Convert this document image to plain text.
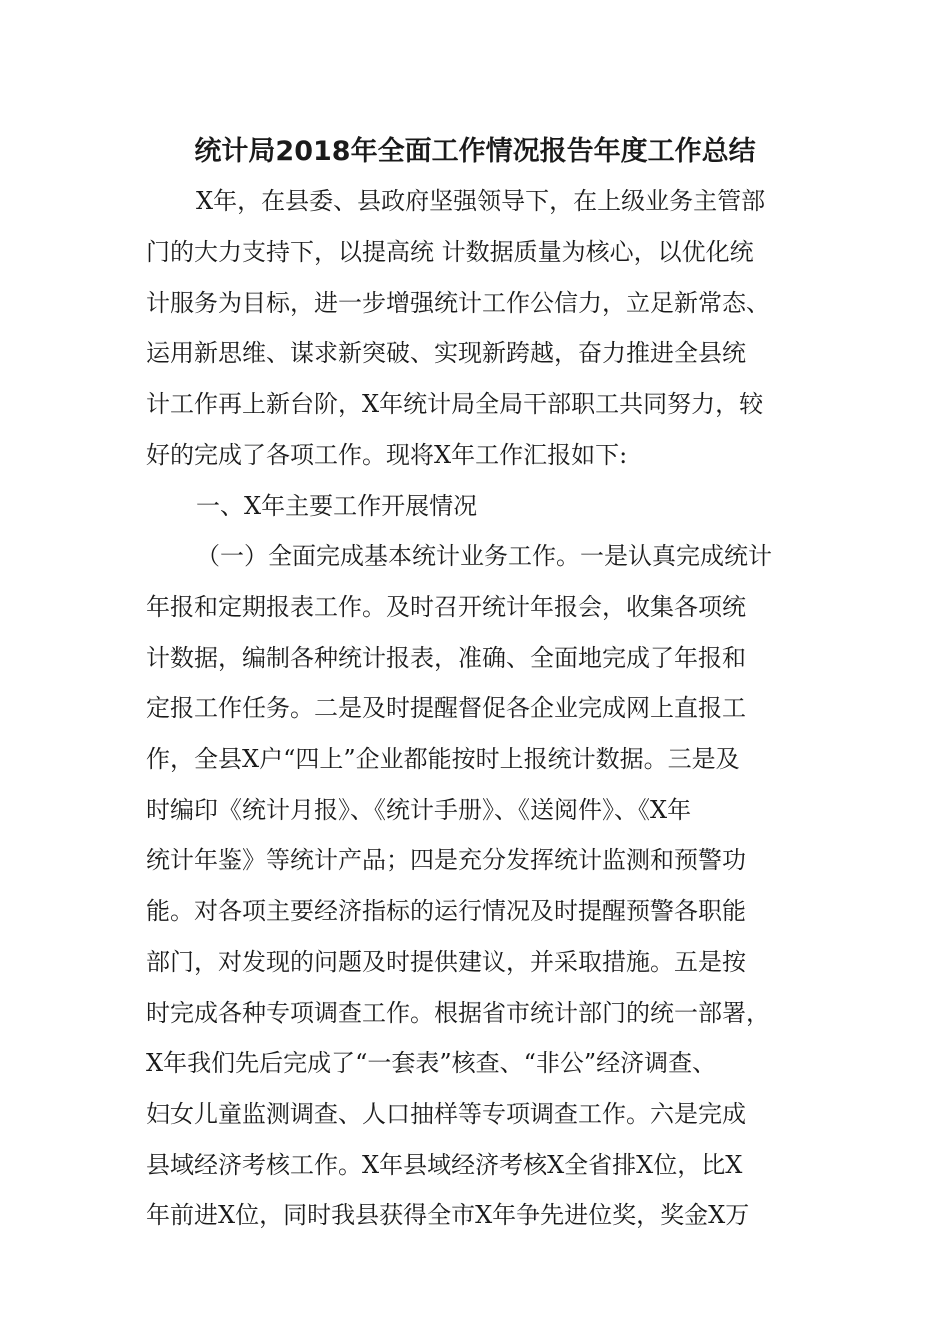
统计局2018年全面工作情况报告年度工作总结
X年，在县委、县政府坚强领导下，在上级业务主管部
门的大力支持下，以提高统 计数据质量为核心，以优化统
计服务为目标，进一步增强统计工作公信力，立足新常态、
运用新思维、谋求新突破、实现新跨越，奋力推进全县统
计工作再上新台阶，X年统计局全局干部职工共同努力，较
好的完成了各项工作。现将X年工作汇报如下:
一、X年主要工作开展情况
（一）全面完成基本统计业务工作。一是认真完成统计
年报和定期报表工作。及时召开统计年报会，收集各项统
计数据，编制各种统计报表，准确、全面地完成了年报和
定报工作任务。二是及时提醒督促各企业完成网上直报工
作，全县X户“四上”企业都能按时上报统计数据。三是及
时编印《统计月报》、《统计手册》、《送阅件》、《X年
统计年鉴》等统计产品；四是充分发挥统计监测和预警功
能。对各项主要经济指标的运行情况及时提醒预警各职能
部门，对发现的问题及时提供建议，并采取措施。五是按
时完成各种专项调查工作。根据省市统计部门的统一部署，
X年我们先后完成了“一套表”核查、“非公”经济调查、
妇女儿童监测调查、人口抽样等专项调查工作。六是完成
县域经济考核工作。X年县域经济考核X全省排X位，比X
年前进X位，同时我县获得全市X年争先进位奖，奖金X万
